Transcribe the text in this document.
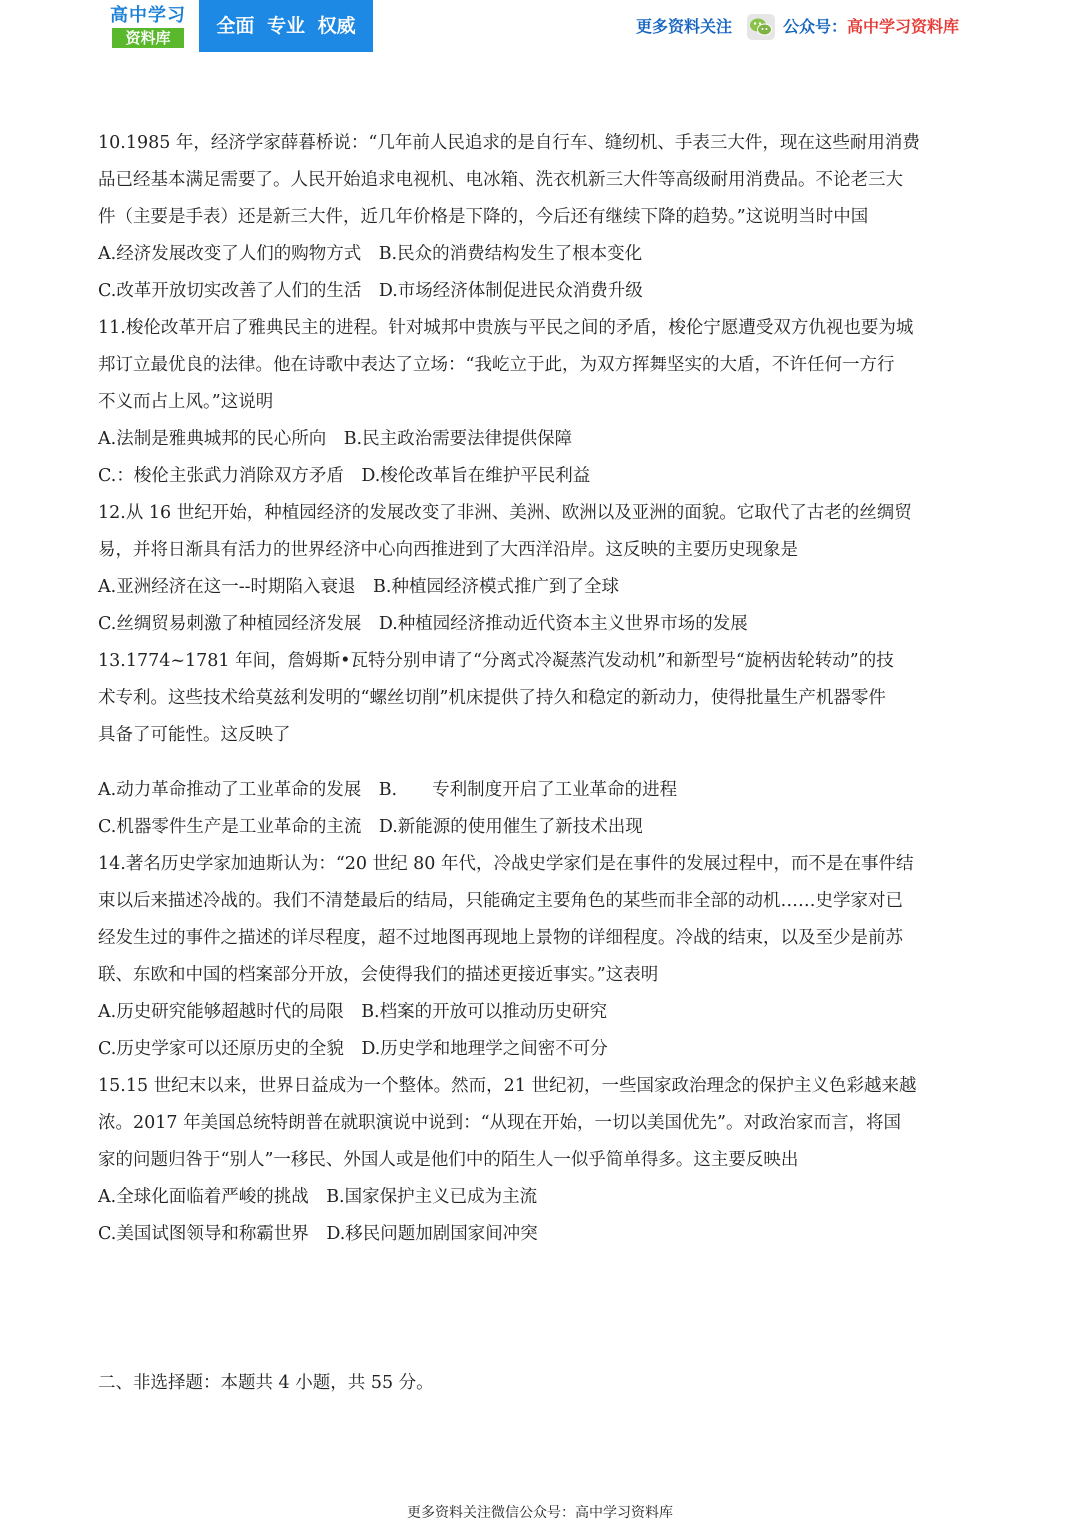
高中学习
资料库
全面 专业 权威	更多资料关注	公众号：高中学习资料库
10.1985 年，经济学家薛暮桥说：“几年前人民追求的是自行车、缝纫机、手表三大件，现在这些耐用消费
品已经基本满足需要了。人民开始追求电视机、电冰箱、洗衣机新三大件等高级耐用消费品。不论老三大
件（主要是手表）还是新三大件，近几年价格是下降的，今后还有继续下降的趋势。”这说明当时中国
A.经济发展改变了人们的购物方式　B.民众的消费结构发生了根本变化
C.改革开放切实改善了人们的生活　D.市场经济体制促进民众消费升级
11.梭伦改革开启了雅典民主的进程。针对城邦中贵族与平民之间的矛盾，梭伦宁愿遭受双方仇视也要为城
邦订立最优良的法律。他在诗歌中表达了立场：“我屹立于此，为双方挥舞坚实的大盾，不许任何一方行
不义而占上风。”这说明
A.法制是雅典城邦的民心所向　B.民主政治需要法律提供保障
C.：梭伦主张武力消除双方矛盾　D.梭伦改革旨在维护平民利益
12.从 16 世纪开始，种植园经济的发展改变了非洲、美洲、欧洲以及亚洲的面貌。它取代了古老的丝绸贸
易，并将日渐具有活力的世界经济中心向西推进到了大西洋沿岸。这反映的主要历史现象是
A.亚洲经济在这一--时期陷入衰退　B.种植园经济模式推广到了全球
C.丝绸贸易刺激了种植园经济发展　D.种植园经济推动近代资本主义世界市场的发展
13.1774~1781 年间，詹姆斯•瓦特分别申请了“分离式冷凝蒸汽发动机”和新型号“旋柄齿轮转动”的技
术专利。这些技术给莫兹利发明的“螺丝切削”机床提供了持久和稳定的新动力，使得批量生产机器零件
具备了可能性。这反映了
A.动力革命推动了工业革命的发展　B.　　专利制度开启了工业革命的进程
C.机器零件生产是工业革命的主流　D.新能源的使用催生了新技术出现
14.著名历史学家加迪斯认为：“20 世纪 80 年代，冷战史学家们是在事件的发展过程中，而不是在事件结
束以后来描述冷战的。我们不清楚最后的结局，只能确定主要角色的某些而非全部的动机……史学家对已
经发生过的事件之描述的详尽程度，超不过地图再现地上景物的详细程度。冷战的结束，以及至少是前苏
联、东欧和中国的档案部分开放，会使得我们的描述更接近事实。”这表明
A.历史研究能够超越时代的局限　B.档案的开放可以推动历史研究
C.历史学家可以还原历史的全貌　D.历史学和地理学之间密不可分
15.15 世纪末以来，世界日益成为一个整体。然而，21 世纪初，一些国家政治理念的保护主义色彩越来越
浓。2017 年美国总统特朗普在就职演说中说到：“从现在开始，一切以美国优先”。对政治家而言，将国
家的问题归咎于“别人”一移民、外国人或是他们中的陌生人一似乎简单得多。这主要反映出
A.全球化面临着严峻的挑战　B.国家保护主义已成为主流
C.美国试图领导和称霸世界　D.移民问题加剧国家间冲突
二、非选择题：本题共 4 小题，共 55 分。
更多资料关注微信公众号：高中学习资料库
